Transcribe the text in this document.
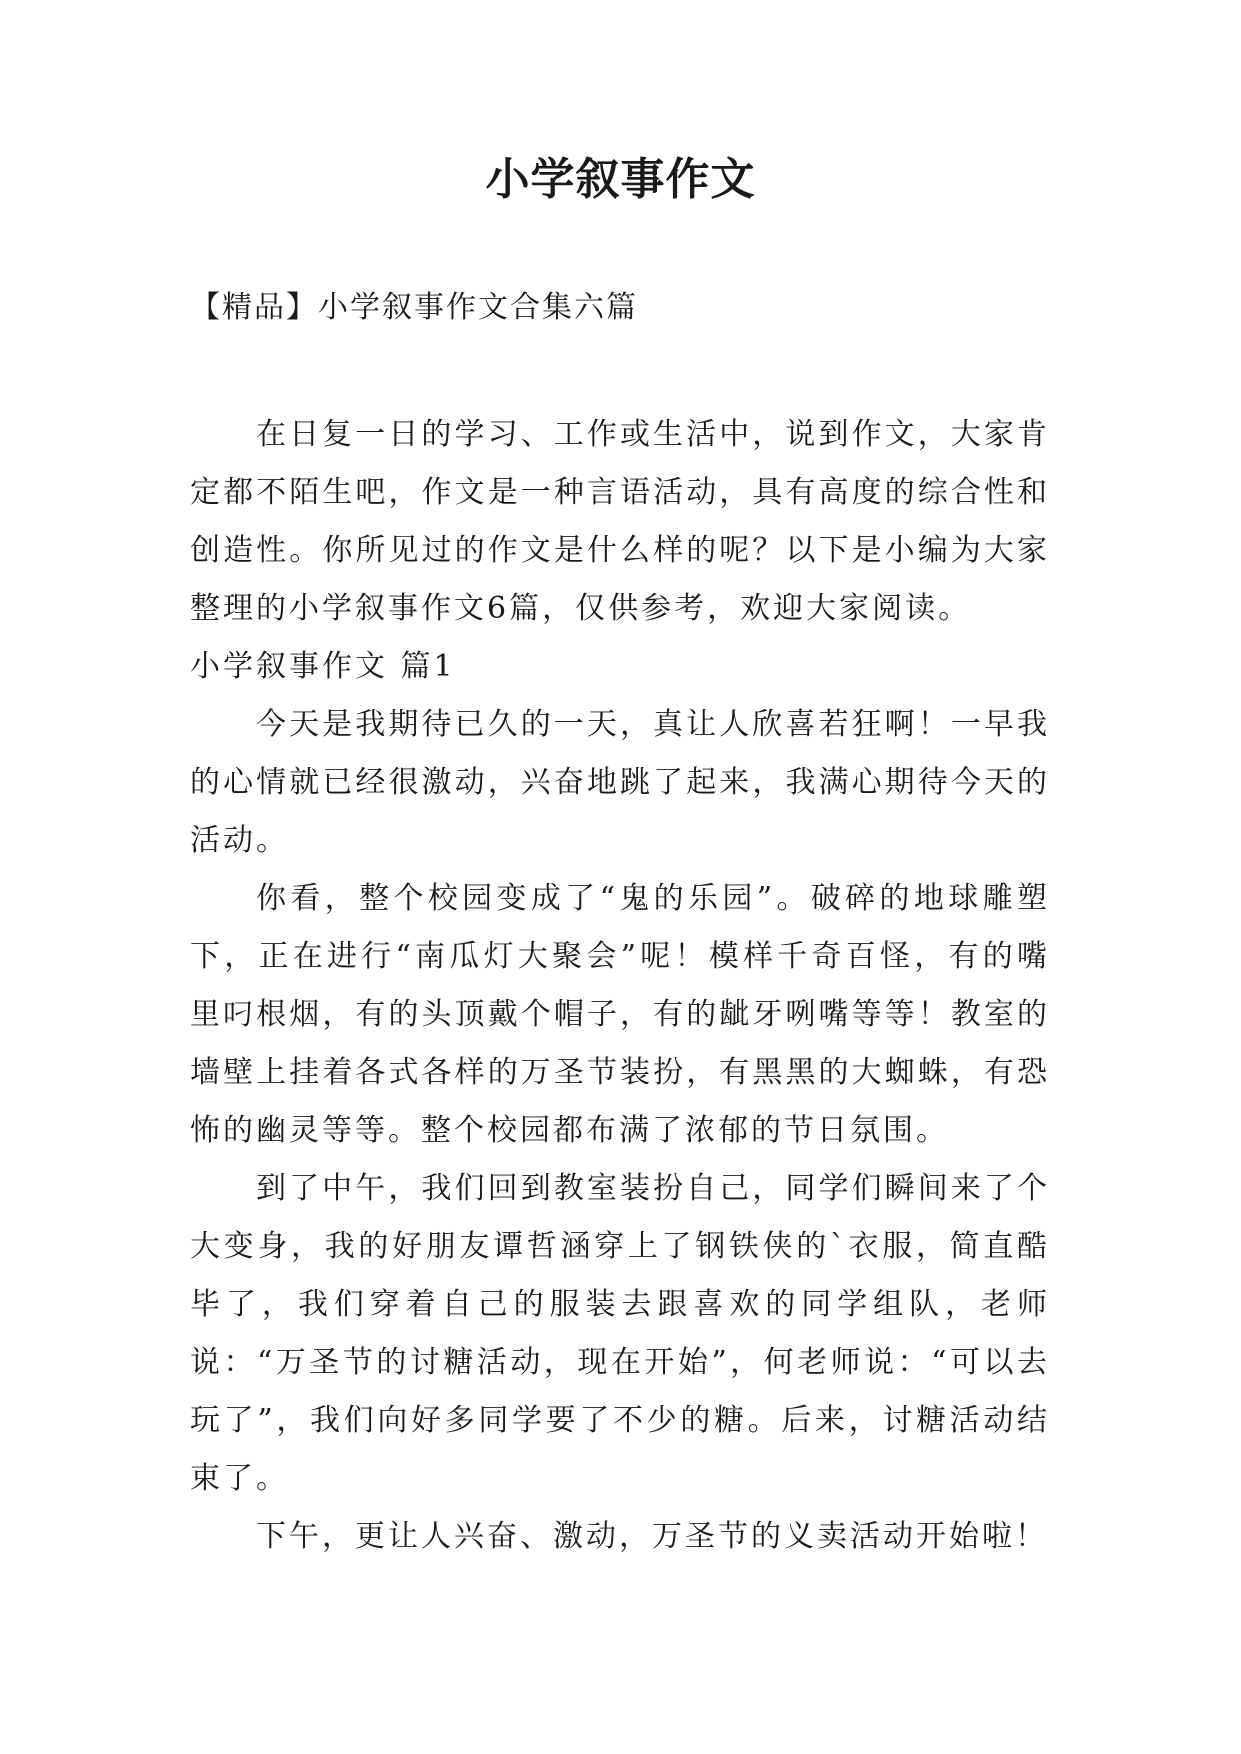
小学叙事作文
【精品】小学叙事作文合集六篇

在日复一日的学习、工作或生活中，说到作文，大家肯定都不陌生吧，作文是一种言语活动，具有高度的综合性和创造性。你所见过的作文是什么样的呢？以下是小编为大家整理的小学叙事作文6篇，仅供参考，欢迎大家阅读。

小学叙事作文 篇1

今天是我期待已久的一天，真让人欣喜若狂啊！一早我的心情就已经很激动，兴奋地跳了起来，我满心期待今天的活动。

你看，整个校园变成了“鬼的乐园”。破碎的地球雕塑下，正在进行“南瓜灯大聚会”呢！模样千奇百怪，有的嘴里叼根烟，有的头顶戴个帽子，有的龇牙咧嘴等等！教室的墙壁上挂着各式各样的万圣节装扮，有黑黑的大蜘蛛，有恐怖的幽灵等等。整个校园都布满了浓郁的节日氛围。

到了中午，我们回到教室装扮自己，同学们瞬间来了个大变身，我的好朋友谭哲涵穿上了钢铁侠的`衣服，简直酷毕了，我们穿着自己的服装去跟喜欢的同学组队，老师说：“万圣节的讨糖活动，现在开始”，何老师说：“可以去玩了”，我们向好多同学要了不少的糖。后来，讨糖活动结束了。

下午，更让人兴奋、激动，万圣节的义卖活动开始啦！
